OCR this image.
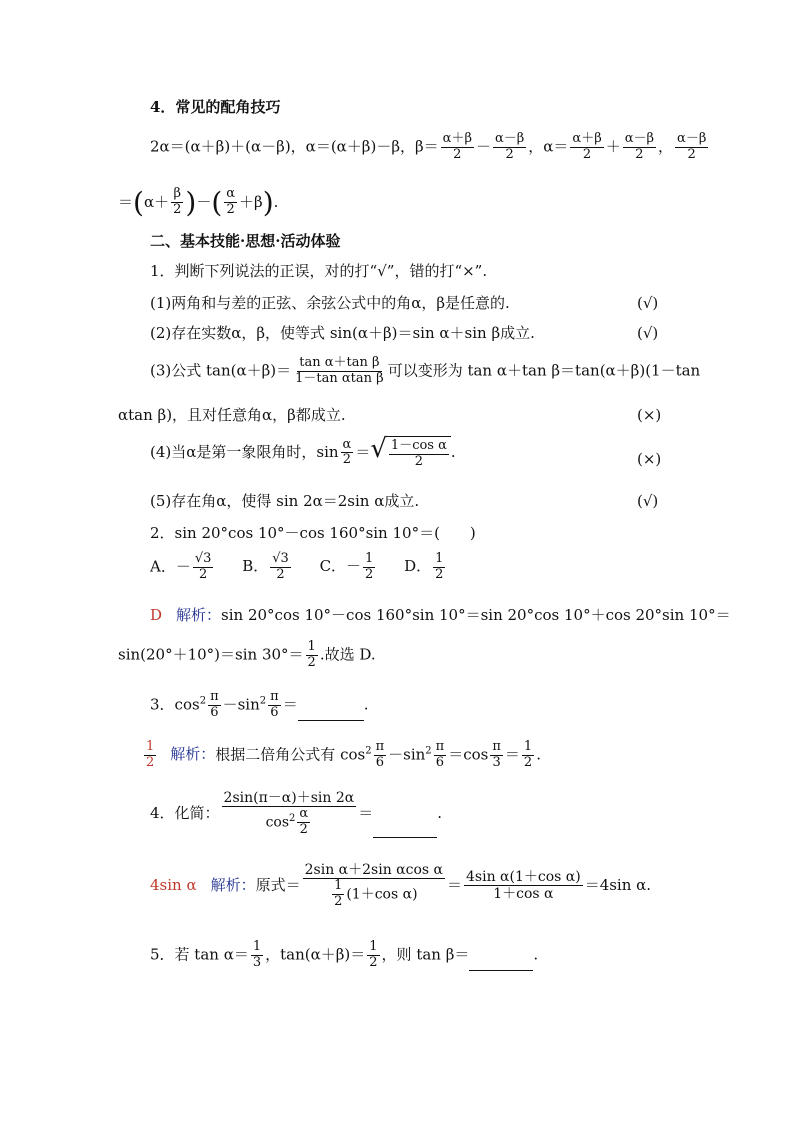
4．常见的配角技巧
2α＝(α＋β)＋(α－β)，α＝(α＋β)－β，$\beta= \frac{\alpha+\beta}{2} - \frac{\alpha-\beta}{2}$ ，$\alpha= \frac{\alpha+\beta}{2} + \frac{\alpha-\beta}{2}$ ， $\frac{\alpha-\beta}{2}$
$=(\alpha+ \frac{\beta}{2}$ )－( $\frac{\alpha}{2} +\beta$).
二、基本技能·思想·活动体验
1．判断下列说法的正误，对的打“√”，错的打“×”.
(1)两角和与差的正弦、余弦公式中的角α，β是任意的.	(√)
(2)存在实数α，β，使等式 sin(α＋β)＝sin α＋sin β成立.	(√)
(3)公式 $\tan(\alpha+\beta)= \frac{\text{tan α＋tan β}}{\text{1－tan αtan β}}$ 可以变形为 tan α＋tan β＝tan(α＋β)(1－tan
αtan β)，且对任意角α，β都成立.	(×)
(4)当α是第一象限角时，$\sin \frac{\alpha}{2}$ ＝ √ $\frac{\text{1－cos α}}{2}$ .	(×)
(5)存在角α，使得 sin 2α＝2sin α成立.	(√)
2．sin 20°cos 10°－cos 160°sin 10°＝(　　)
A．－ $\frac{√3}{2}$ B． $\frac{√3}{2}$ C．－ $\frac{1}{2}$ D． $\frac{1}{2}$
D 解析：sin 20°cos 10°－cos 160°sin 10°＝sin 20°cos 10°＋cos 20°sin 10°＝
sin(20°＋10°)＝sin $30^\circ= \frac{1}{2}$ .故选 D.
3．$\cos^2 \frac{\pi}{6} -\sin^2 \frac{\pi}{6}$ ＝	.
$\frac{1}{2}$ 解析：根据二倍角公式有 $\cos^2 \frac{\pi}{6} -\sin^2 \frac{\pi}{6} =\cos \frac{\pi}{3} = \frac{1}{2}$ .
4．化简： $\frac{2\sin(\pi-\alpha)+\sin 2\alpha}{\cos^2 \frac{\alpha}{2}}$ ＝	.
4sin α 解析：原式＝ $\frac{\text{2sin α＋2sin αcos α}}{\frac{1}{2} (1+\cos \alpha)} = \frac{\text{4sin α(1＋cos α)}}{\text{1＋cos α}} =4\sin$ α.
5．若 $\tan \alpha= \frac{1}{3}$ ，$\tan(\alpha+\beta)= \frac{1}{2}$ ，则 tan β＝	.
